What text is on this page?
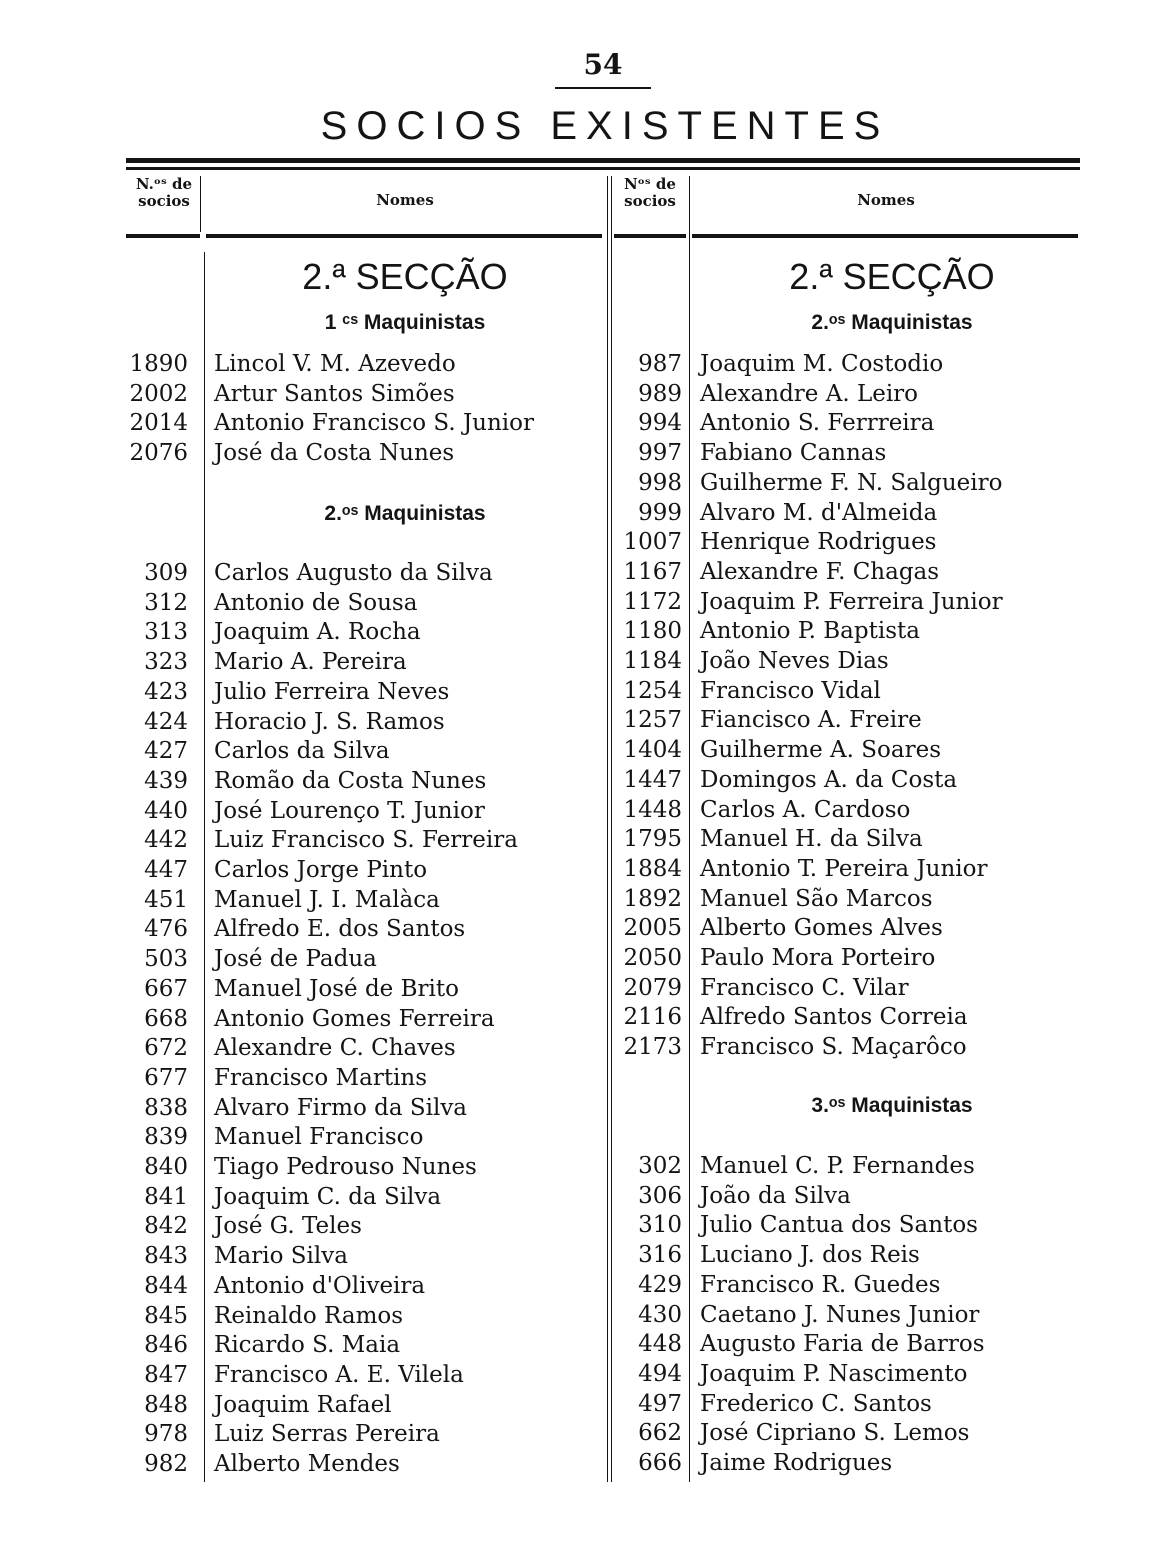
54
SOCIOS EXISTENTES
N.ᵒˢ de socios	Nomes
Nᵒˢ de socios	Nomes
2.ª SECÇÃO
1 ᶜˢ Maquinistas
2.ᵒˢ Maquinistas
2.ª SECÇÃO
2.ᵒˢ Maquinistas
3.ᵒˢ Maquinistas
1890 Lincol V. M. Azevedo
2002 Artur Santos Simões
2014 Antonio Francisco S. Junior
2076 José da Costa Nunes
309 Carlos Augusto da Silva
312 Antonio de Sousa
313 Joaquim A. Rocha
323 Mario A. Pereira
423 Julio Ferreira Neves
424 Horacio J. S. Ramos
427 Carlos da Silva
439 Romão da Costa Nunes
440 José Lourenço T. Junior
442 Luiz Francisco S. Ferreira
447 Carlos Jorge Pinto
451 Manuel J. I. Malàca
476 Alfredo E. dos Santos
503 José de Padua
667 Manuel José de Brito
668 Antonio Gomes Ferreira
672 Alexandre C. Chaves
677 Francisco Martins
838 Alvaro Firmo da Silva
839 Manuel Francisco
840 Tiago Pedrouso Nunes
841 Joaquim C. da Silva
842 José G. Teles
843 Mario Silva
844 Antonio d'Oliveira
845 Reinaldo Ramos
846 Ricardo S. Maia
847 Francisco A. E. Vilela
848 Joaquim Rafael
978 Luiz Serras Pereira
982 Alberto Mendes
987 Joaquim M. Costodio
989 Alexandre A. Leiro
994 Antonio S. Ferrreira
997 Fabiano Cannas
998 Guilherme F. N. Salgueiro
999 Alvaro M. d'Almeida
1007 Henrique Rodrigues
1167 Alexandre F. Chagas
1172 Joaquim P. Ferreira Junior
1180 Antonio P. Baptista
1184 João Neves Dias
1254 Francisco Vidal
1257 Fiancisco A. Freire
1404 Guilherme A. Soares
1447 Domingos A. da Costa
1448 Carlos A. Cardoso
1795 Manuel H. da Silva
1884 Antonio T. Pereira Junior
1892 Manuel São Marcos
2005 Alberto Gomes Alves
2050 Paulo Mora Porteiro
2079 Francisco C. Vilar
2116 Alfredo Santos Correia
2173 Francisco S. Maçarôco
302 Manuel C. P. Fernandes
306 João da Silva
310 Julio Cantua dos Santos
316 Luciano J. dos Reis
429 Francisco R. Guedes
430 Caetano J. Nunes Junior
448 Augusto Faria de Barros
494 Joaquim P. Nascimento
497 Frederico C. Santos
662 José Cipriano S. Lemos
666 Jaime Rodrigues
